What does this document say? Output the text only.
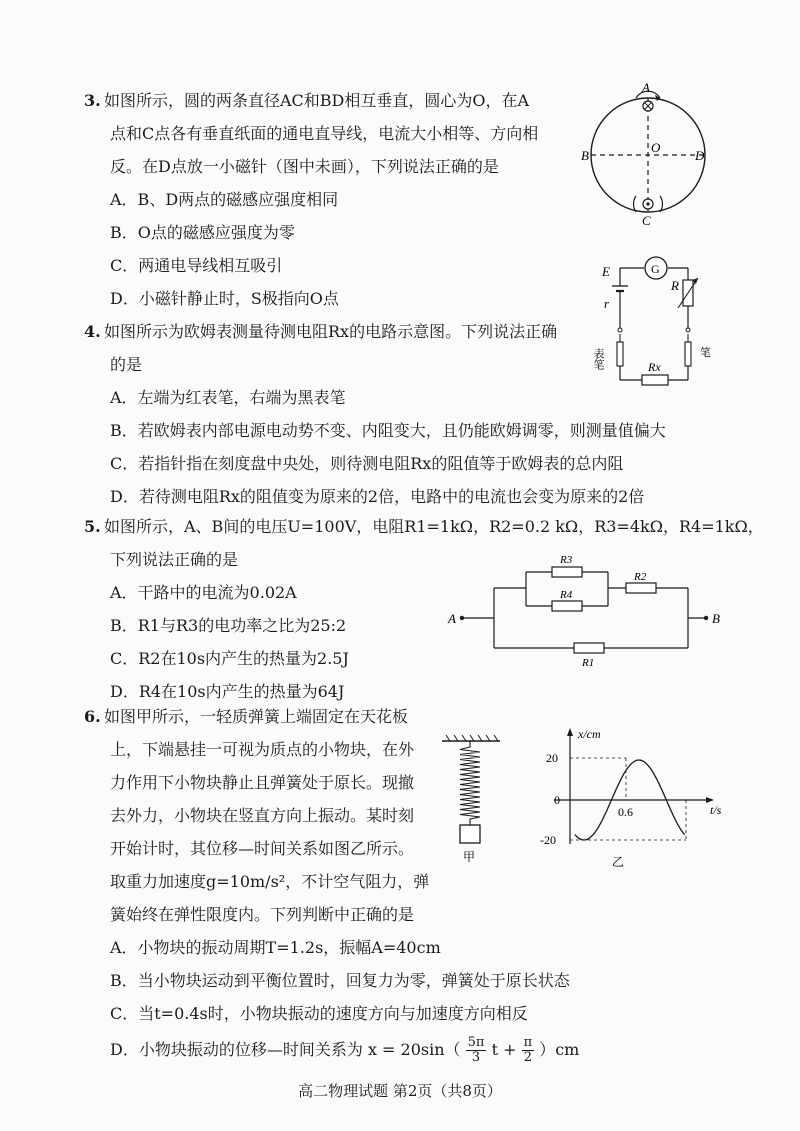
3. 如图所示，圆的两条直径AC和BD相互垂直，圆心为O，在A
点和C点各有垂直纸面的通电直导线，电流大小相等、方向相
反。在D点放一小磁针（图中未画），下列说法正确的是
A．B、D两点的磁感应强度相同
B．O点的磁感应强度为零
C．两通电导线相互吸引
D．小磁针静止时，S极指向O点
A
B
C
D
O
4. 如图所示为欧姆表测量待测电阻Rx的电路示意图。下列说法正确
的是
A．左端为红表笔，右端为黑表笔
B．若欧姆表内部电源电动势不变、内阻变大，且仍能欧姆调零，则测量值偏大
C．若指针指在刻度盘中央处，则待测电阻Rx的阻值等于欧姆表的总内阻
D．若待测电阻Rx的阻值变为原来的2倍，电路中的电流也会变为原来的2倍
G
E
r
R
Rx
表笔	笔
5. 如图所示，A、B间的电压U=100V，电阻R1=1kΩ，R2=0.2 kΩ，R3=4kΩ，R4=1kΩ，
下列说法正确的是
A．干路中的电流为0.02A
B．R1与R3的电功率之比为25:2
C．R2在10s内产生的热量为2.5J
D．R4在10s内产生的热量为64J
A	B
R3
R4
R2
R1
6. 如图甲所示，一轻质弹簧上端固定在天花板
上，下端悬挂一可视为质点的小物块，在外
力作用下小物块静止且弹簧处于原长。现撤
去外力，小物块在竖直方向上振动。某时刻
开始计时，其位移—时间关系如图乙所示。
取重力加速度g=10m/s²，不计空气阻力，弹
簧始终在弹性限度内。下列判断中正确的是
A．小物块的振动周期T=1.2s，振幅A=40cm
B．当小物块运动到平衡位置时，回复力为零，弹簧处于原长状态
C．当t=0.4s时，小物块振动的速度方向与加速度方向相反
D．小物块振动的位移—时间关系为 $x = 20\sin( \frac{5\pi}{3}$ $t + \frac{\pi}{2} )cm$
甲
x/cm
t/s
20
0
-20
0.6
乙
高二物理试题 第2页（共8页）
